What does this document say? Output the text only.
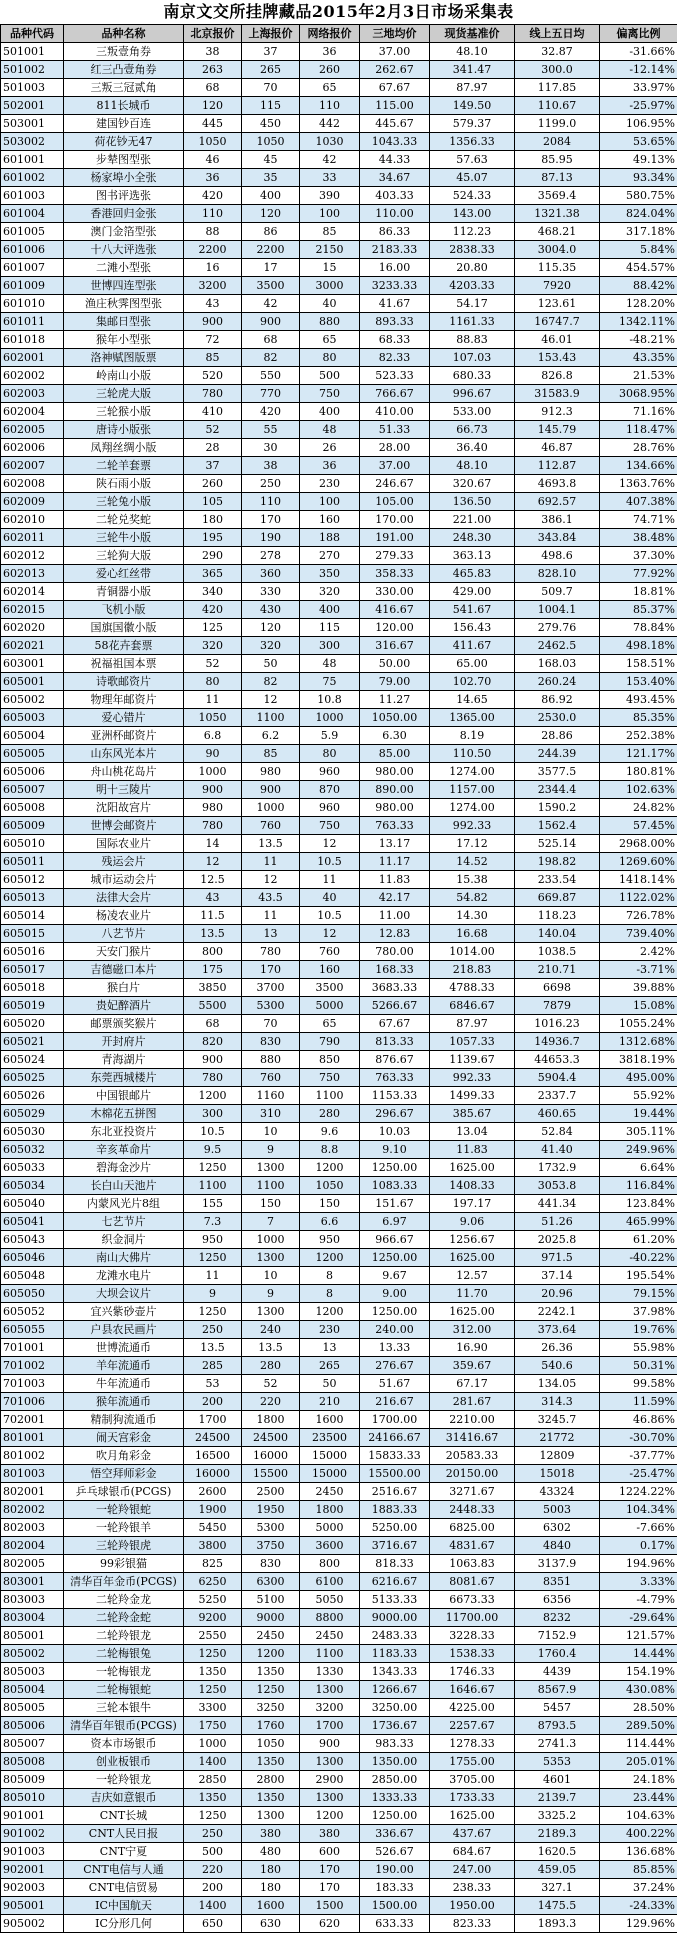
南京文交所挂牌藏品2015年2月3日市场采集表
品种代码	品种名称	北京报价	上海报价	网络报价	三地均价	现货基准价	线上五日均	偏离比例
501001	三叛壹角券	38	37	36	37.00	48.10	32.87	-31.66%
501002	红三凸壹角券	263	265	260	262.67	341.47	300.0	-12.14%
501003	三叛三冠贰角	68	70	65	67.67	87.97	117.85	33.97%
502001	811长城币	120	115	110	115.00	149.50	110.67	-25.97%
503001	建国钞百连	445	450	442	445.67	579.37	1199.0	106.95%
503002	荷花钞无47	1050	1050	1030	1043.33	1356.33	2084	53.65%
601001	步辇图型张	46	45	42	44.33	57.63	85.95	49.13%
601002	杨家埠小全张	36	35	33	34.67	45.07	87.13	93.34%
601003	图书评选张	420	400	390	403.33	524.33	3569.4	580.75%
601004	香港回归金张	110	120	100	110.00	143.00	1321.38	824.04%
601005	澳门金箔型张	88	86	85	86.33	112.23	468.21	317.18%
601006	十八大评选张	2200	2200	2150	2183.33	2838.33	3004.0	5.84%
601007	二滩小型张	16	17	15	16.00	20.80	115.35	454.57%
601009	世博四连型张	3200	3500	3000	3233.33	4203.33	7920	88.42%
601010	渔庄秋霁图型张	43	42	40	41.67	54.17	123.61	128.20%
601011	集邮日型张	900	900	880	893.33	1161.33	16747.7	1342.11%
601018	猴年小型张	72	68	65	68.33	88.83	46.01	-48.21%
602001	洛神赋图版票	85	82	80	82.33	107.03	153.43	43.35%
602002	岭南山小版	520	550	500	523.33	680.33	826.8	21.53%
602003	三轮虎大版	780	770	750	766.67	996.67	31583.9	3068.95%
602004	三轮猴小版	410	420	400	410.00	533.00	912.3	71.16%
602005	唐诗小版张	52	55	48	51.33	66.73	145.79	118.47%
602006	凤翔丝绸小版	28	30	26	28.00	36.40	46.87	28.76%
602007	二轮羊套票	37	38	36	37.00	48.10	112.87	134.66%
602008	陕石雨小版	260	250	230	246.67	320.67	4693.8	1363.76%
602009	三轮兔小版	105	110	100	105.00	136.50	692.57	407.38%
602010	二轮兑奖蛇	180	170	160	170.00	221.00	386.1	74.71%
602011	三轮牛小版	195	190	188	191.00	248.30	343.84	38.48%
602012	三轮狗大版	290	278	270	279.33	363.13	498.6	37.30%
602013	爱心红丝带	365	360	350	358.33	465.83	828.10	77.92%
602014	青铜器小版	340	330	320	330.00	429.00	509.7	18.81%
602015	飞机小版	420	430	400	416.67	541.67	1004.1	85.37%
602020	国旗国徽小版	125	120	115	120.00	156.43	279.76	78.84%
602021	58花卉套票	320	320	300	316.67	411.67	2462.5	498.18%
603001	祝福祖国本票	52	50	48	50.00	65.00	168.03	158.51%
605001	诗歌邮资片	80	82	75	79.00	102.70	260.24	153.40%
605002	物理年邮资片	11	12	10.8	11.27	14.65	86.92	493.45%
605003	爱心错片	1050	1100	1000	1050.00	1365.00	2530.0	85.35%
605004	亚洲杯邮资片	6.8	6.2	5.9	6.30	8.19	28.86	252.38%
605005	山东风光本片	90	85	80	85.00	110.50	244.39	121.17%
605006	舟山桃花岛片	1000	980	960	980.00	1274.00	3577.5	180.81%
605007	明十三陵片	900	900	870	890.00	1157.00	2344.4	102.63%
605008	沈阳故宫片	980	1000	960	980.00	1274.00	1590.2	24.82%
605009	世博会邮资片	780	760	750	763.33	992.33	1562.4	57.45%
605010	国际农业片	14	13.5	12	13.17	17.12	525.14	2968.00%
605011	残运会片	12	11	10.5	11.17	14.52	198.82	1269.60%
605012	城市运动会片	12.5	12	11	11.83	15.38	233.54	1418.14%
605013	法律大会片	43	43.5	40	42.17	54.82	669.87	1122.02%
605014	杨凌农业片	11.5	11	10.5	11.00	14.30	118.23	726.78%
605015	八艺节片	13.5	13	12	12.83	16.68	140.04	739.40%
605016	天安门猴片	800	780	760	780.00	1014.00	1038.5	2.42%
605017	吉德磁口本片	175	170	160	168.33	218.83	210.71	-3.71%
605018	猴白片	3850	3700	3500	3683.33	4788.33	6698	39.88%
605019	贵妃醉酒片	5500	5300	5000	5266.67	6846.67	7879	15.08%
605020	邮票颁奖猴片	68	70	65	67.67	87.97	1016.23	1055.24%
605021	开封府片	820	830	790	813.33	1057.33	14936.7	1312.68%
605024	青海湖片	900	880	850	876.67	1139.67	44653.3	3818.19%
605025	东莞西城楼片	780	760	750	763.33	992.33	5904.4	495.00%
605026	中国银邮片	1200	1160	1100	1153.33	1499.33	2337.7	55.92%
605029	木棉花五拼图	300	310	280	296.67	385.67	460.65	19.44%
605030	东北亚投资片	10.5	10	9.6	10.03	13.04	52.84	305.11%
605032	辛亥革命片	9.5	9	8.8	9.10	11.83	41.40	249.96%
605033	碧海金沙片	1250	1300	1200	1250.00	1625.00	1732.9	6.64%
605034	长白山天池片	1100	1100	1050	1083.33	1408.33	3053.8	116.84%
605040	内蒙风光片8组	155	150	150	151.67	197.17	441.34	123.84%
605041	七艺节片	7.3	7	6.6	6.97	9.06	51.26	465.99%
605043	织金洞片	950	1000	950	966.67	1256.67	2025.8	61.20%
605046	南山大佛片	1250	1300	1200	1250.00	1625.00	971.5	-40.22%
605048	龙滩水电片	11	10	8	9.67	12.57	37.14	195.54%
605050	大坝会议片	9	9	8	9.00	11.70	20.96	79.15%
605052	宜兴紫砂壶片	1250	1300	1200	1250.00	1625.00	2242.1	37.98%
605055	户县农民画片	250	240	230	240.00	312.00	373.64	19.76%
701001	世博流通币	13.5	13.5	13	13.33	16.90	26.36	55.98%
701002	羊年流通币	285	280	265	276.67	359.67	540.6	50.31%
701003	牛年流通币	53	52	50	51.67	67.17	134.05	99.58%
701006	猴年流通币	200	220	210	216.67	281.67	314.3	11.59%
702001	精制狗流通币	1700	1800	1600	1700.00	2210.00	3245.7	46.86%
801001	闹天宫彩金	24500	24500	23500	24166.67	31416.67	21772	-30.70%
801002	吹月角彩金	16500	16000	15000	15833.33	20583.33	12809	-37.77%
801003	悟空拜师彩金	16000	15500	15000	15500.00	20150.00	15018	-25.47%
802001	乒乓球银币(PCGS)	2600	2500	2450	2516.67	3271.67	43324	1224.22%
802002	一轮羚银蛇	1900	1950	1800	1883.33	2448.33	5003	104.34%
802003	一轮羚银羊	5450	5300	5000	5250.00	6825.00	6302	-7.66%
802004	三轮羚银虎	3800	3750	3600	3716.67	4831.67	4840	0.17%
802005	99彩银猫	825	830	800	818.33	1063.83	3137.9	194.96%
803001	清华百年金币(PCGS)	6250	6300	6100	6216.67	8081.67	8351	3.33%
803003	二轮羚金龙	5250	5100	5050	5133.33	6673.33	6356	-4.79%
803004	二轮羚金蛇	9200	9000	8800	9000.00	11700.00	8232	-29.64%
805001	二轮羚银龙	2550	2450	2450	2483.33	3228.33	7152.9	121.57%
805002	二轮梅银兔	1250	1200	1100	1183.33	1538.33	1760.4	14.44%
805003	一轮梅银龙	1350	1350	1330	1343.33	1746.33	4439	154.19%
805004	二轮梅银蛇	1250	1250	1300	1266.67	1646.67	8567.9	430.08%
805005	三轮本银牛	3300	3250	3200	3250.00	4225.00	5457	28.50%
805006	清华百年银币(PCGS)	1750	1760	1700	1736.67	2257.67	8793.5	289.50%
805007	资本市场银币	1000	1050	900	983.33	1278.33	2741.3	114.44%
805008	创业板银币	1400	1350	1300	1350.00	1755.00	5353	205.01%
805009	一轮羚银龙	2850	2800	2900	2850.00	3705.00	4601	24.18%
805010	吉庆如意银币	1350	1350	1300	1333.33	1733.33	2139.7	23.44%
901001	CNT长城	1250	1300	1200	1250.00	1625.00	3325.2	104.63%
901002	CNT人民日报	250	380	380	336.67	437.67	2189.3	400.22%
901003	CNT宁夏	500	480	600	526.67	684.67	1620.5	136.68%
902001	CNT电信与人通	220	180	170	190.00	247.00	459.05	85.85%
902003	CNT电信贸易	200	180	170	183.33	238.33	327.1	37.24%
905001	IC中国航天	1400	1600	1500	1500.00	1950.00	1475.5	-24.33%
905002	IC分形几何	650	630	620	633.33	823.33	1893.3	129.96%
